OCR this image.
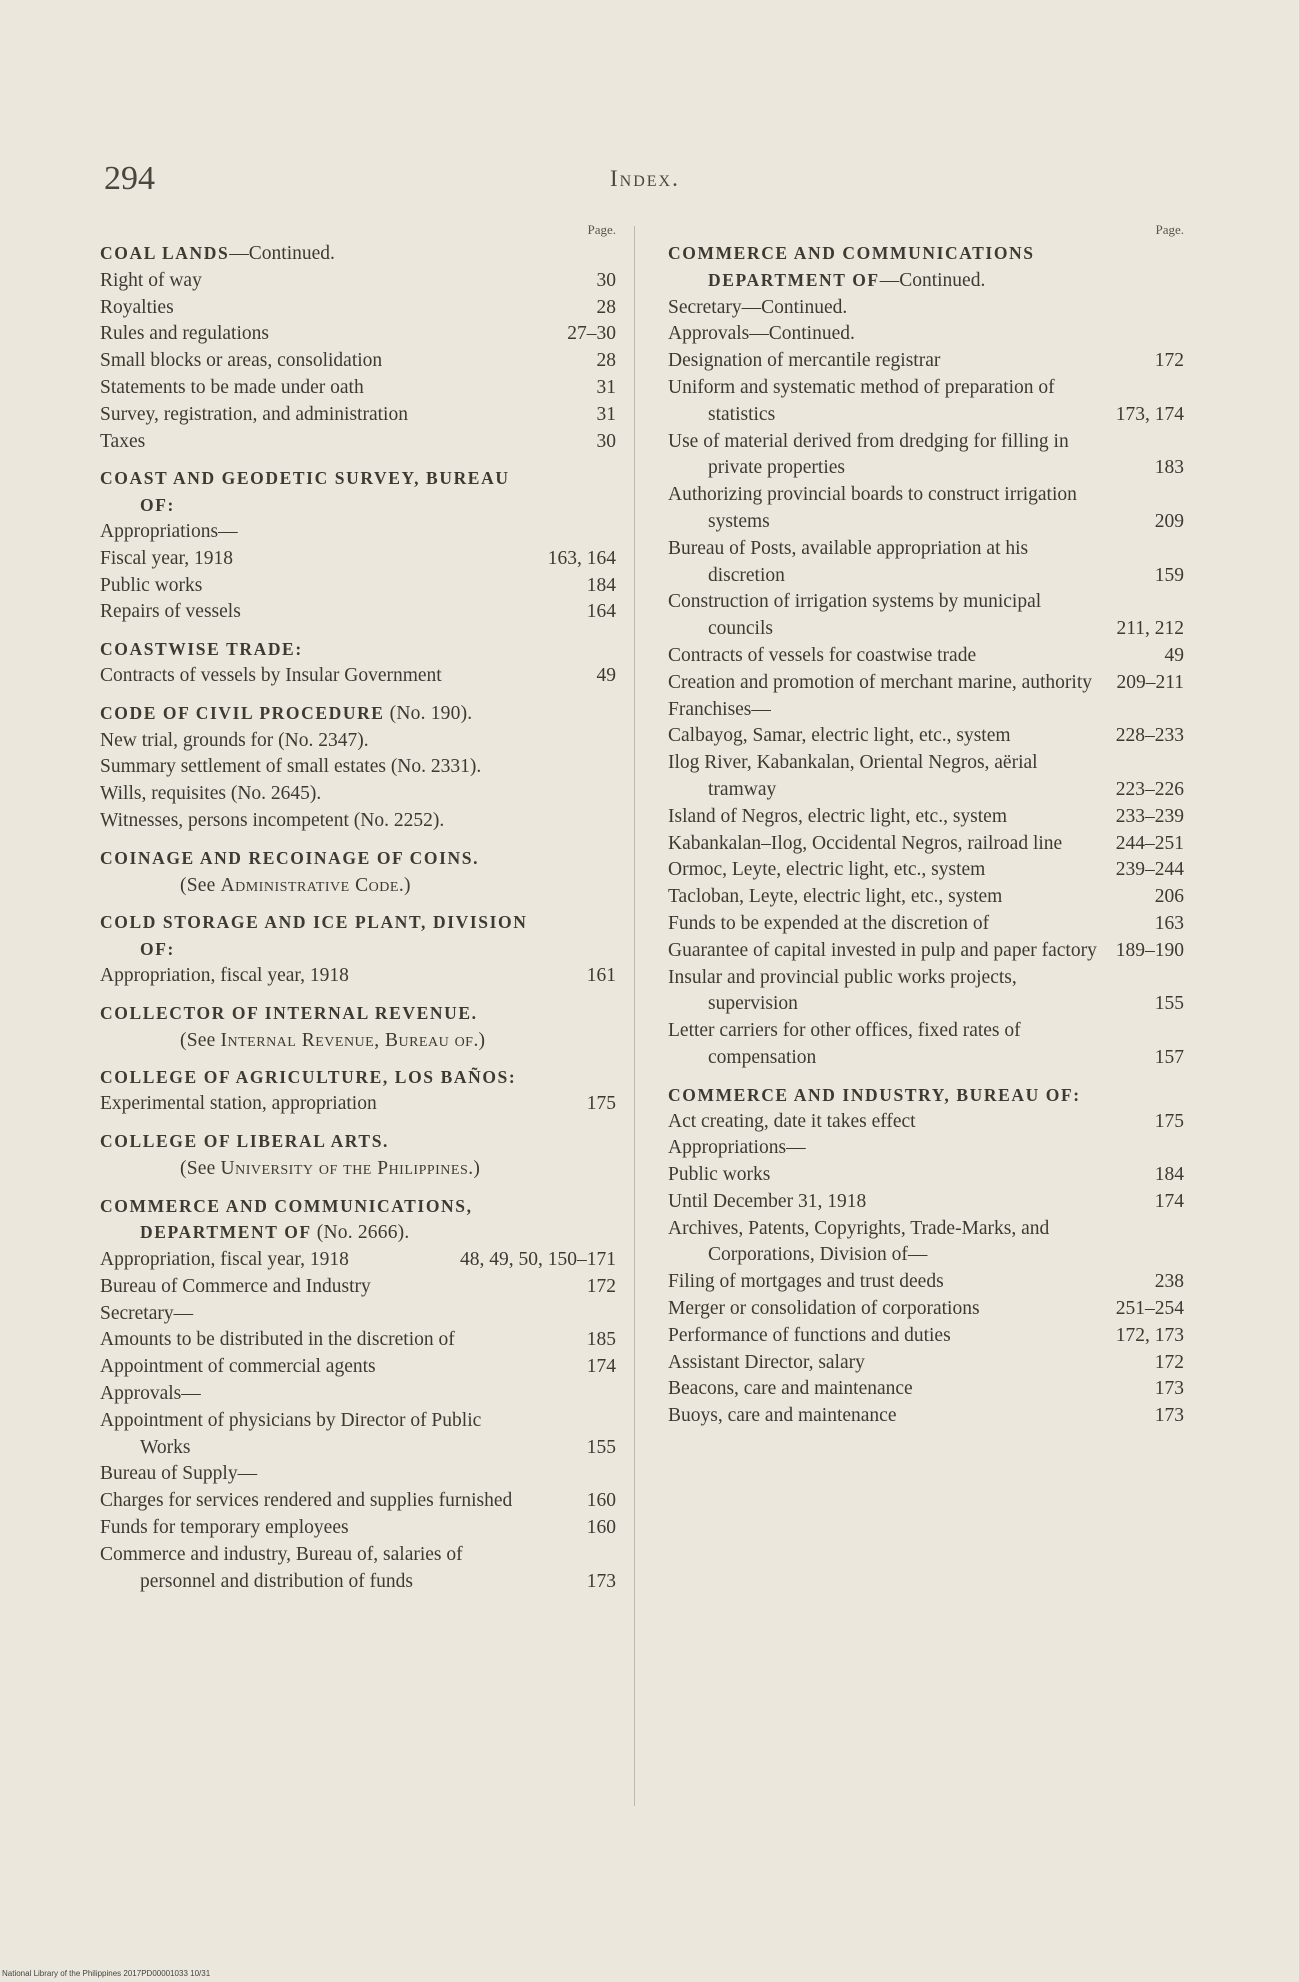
294	Index.
Page.
COAL LANDS—Continued.
Right of way	30
Royalties	28
Rules and regulations	27–30
Small blocks or areas, consolidation	28
Statements to be made under oath	31
Survey, registration, and administration	31
Taxes	30
COAST AND GEODETIC SURVEY, BUREAU OF:
Appropriations—
Fiscal year, 1918	163, 164
Public works	184
Repairs of vessels	164
COASTWISE TRADE:
Contracts of vessels by Insular Government	49
CODE OF CIVIL PROCEDURE (No. 190).
New trial, grounds for (No. 2347).
Summary settlement of small estates (No. 2331).
Wills, requisites (No. 2645).
Witnesses, persons incompetent (No. 2252).
COINAGE AND RECOINAGE OF COINS.
(See Administrative Code.)
COLD STORAGE AND ICE PLANT, DIVISION OF:
Appropriation, fiscal year, 1918	161
COLLECTOR OF INTERNAL REVENUE.
(See Internal Revenue, Bureau of.)
COLLEGE OF AGRICULTURE, LOS BAÑOS:
Experimental station, appropriation	175
COLLEGE OF LIBERAL ARTS.
(See University of the Philippines.)
COMMERCE AND COMMUNICATIONS, DEPARTMENT OF (No. 2666).
Appropriation, fiscal year, 1918	48, 49, 50, 150–171
Bureau of Commerce and Industry	172
Secretary—
Amounts to be distributed in the discretion of	185
Appointment of commercial agents	174
Approvals—
Appointment of physicians by Director of Public Works	155
Bureau of Supply—
Charges for services rendered and supplies furnished	160
Funds for temporary employees	160
Commerce and industry, Bureau of, salaries of personnel and distribution of funds	173
Page.
COMMERCE AND COMMUNICATIONS DEPARTMENT OF—Continued.
Secretary—Continued.
Approvals—Continued.
Designation of mercantile registrar	172
Uniform and systematic method of preparation of statistics	173, 174
Use of material derived from dredging for filling in private properties	183
Authorizing provincial boards to construct irrigation systems	209
Bureau of Posts, available appropriation at his discretion	159
Construction of irrigation systems by municipal councils	211, 212
Contracts of vessels for coastwise trade	49
Creation and promotion of merchant marine, authority	209–211
Franchises—
Calbayog, Samar, electric light, etc., system	228–233
Ilog River, Kabankalan, Oriental Negros, aërial tramway	223–226
Island of Negros, electric light, etc., system	233–239
Kabankalan–Ilog, Occidental Negros, railroad line	244–251
Ormoc, Leyte, electric light, etc., system	239–244
Tacloban, Leyte, electric light, etc., system	206
Funds to be expended at the discretion of	163
Guarantee of capital invested in pulp and paper factory 189–190
Insular and provincial public works projects, supervision	155
Letter carriers for other offices, fixed rates of compensation	157
COMMERCE AND INDUSTRY, BUREAU OF:
Act creating, date it takes effect	175
Appropriations—
Public works	184
Until December 31, 1918	174
Archives, Patents, Copyrights, Trade-Marks, and Corporations, Division of—
Filing of mortgages and trust deeds	238
Merger or consolidation of corporations	251–254
Performance of functions and duties	172, 173
Assistant Director, salary	172
Beacons, care and maintenance	173
Buoys, care and maintenance	173
National Library of the Philippines 2017PD00001033 10/31
